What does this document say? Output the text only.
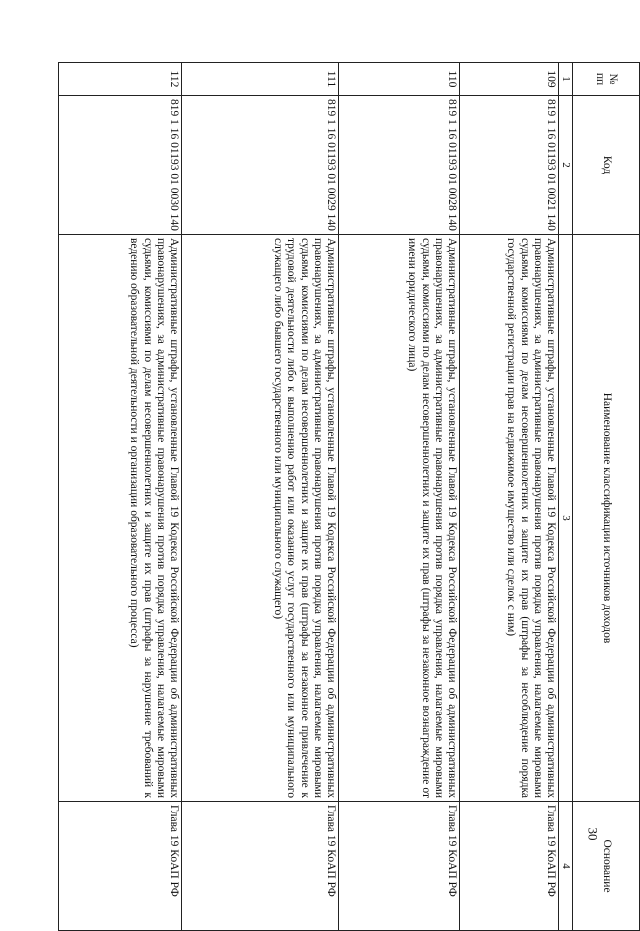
30
№ пп	Код	Наименование классификации источников доходов	Основание
1	2	3	4
109	819 1 16 01193 01 0021 140	Административные штрафы, установленные Главой 19 Кодекса Российской Федерации об административных правонарушениях, за административные правонарушения против порядка управления, налагаемые мировыми судьями, комиссиями по делам несовершеннолетних и защите их прав (штрафы за несоблюдение порядка государственной регистрации прав на недвижимое имущество или сделок с ним)	Глава 19 КоАП РФ
110	819 1 16 01193 01 0028 140	Административные штрафы, установленные Главой 19 Кодекса Российской Федерации об административных правонарушениях, за административные правонарушения против порядка управления, налагаемые мировыми судьями, комиссиями по делам несовершеннолетних и защите их прав (штрафы за незаконное вознаграждение от имени юридического лица)	Глава 19 КоАП РФ
111	819 1 16 01193 01 0029 140	Административные штрафы, установленные Главой 19 Кодекса Российской Федерации об административных правонарушениях, за административные правонарушения против порядка управления, налагаемые мировыми судьями, комиссиями по делам несовершеннолетних и защите их прав (штрафы за незаконное привлечение к трудовой деятельности либо к выполнению работ или оказанию услуг государственного или муниципального служащего либо бывшего государственного или муниципального служащего)	Глава 19 КоАП РФ
112	819 1 16 01193 01 0030 140	Административные штрафы, установленные Главой 19 Кодекса Российской Федерации об административных правонарушениях, за административные правонарушения против порядка управления, налагаемые мировыми судьями, комиссиями по делам несовершеннолетних и защите их прав (штрафы за нарушение требований к ведению образовательной деятельности и организации образовательного процесса)	Глава 19 КоАП РФ
